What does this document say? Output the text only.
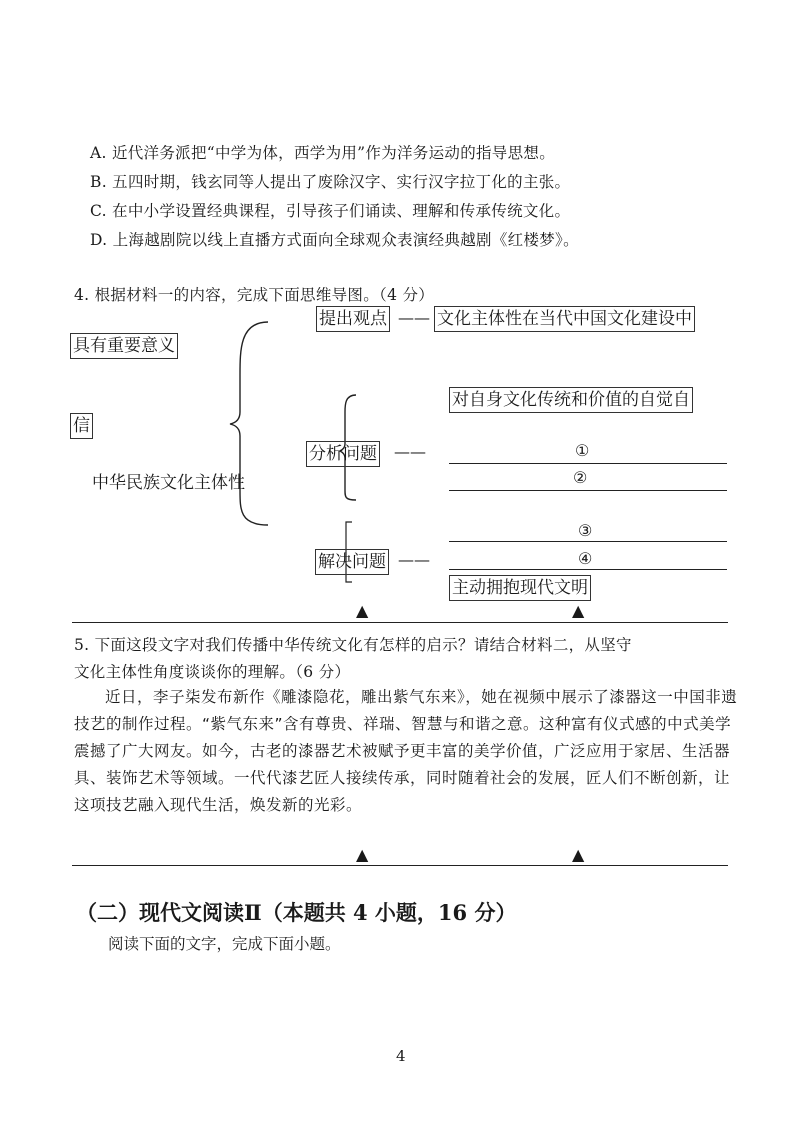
A. 近代洋务派把“中学为体，西学为用”作为洋务运动的指导思想。
B. 五四时期，钱玄同等人提出了废除汉字、实行汉字拉丁化的主张。
C. 在中小学设置经典课程，引导孩子们诵读、理解和传承传统文化。
D. 上海越剧院以线上直播方式面向全球观众表演经典越剧《红楼梦》。
4. 根据材料一的内容，完成下面思维导图。（4 分）
具有重要意义
信
中华民族文化主体性
提出观点 —— 文化主体性在当代中国文化建设中
对自身文化传统和价值的自觉自
分析问题 ——	①
②
③
解决问题 ——	④
主动拥抱现代文明
▲	▲
5. 下面这段文字对我们传播中华传统文化有怎样的启示？请结合材料二，从坚守
文化主体性角度谈谈你的理解。（6 分）
近日，李子柒发布新作《雕漆隐花，雕出紫气东来》，她在视频中展示了漆器这一中国非遗技艺的制作过程。“紫气东来”含有尊贵、祥瑞、智慧与和谐之意。这种富有仪式感的中式美学震撼了广大网友。如今，古老的漆器艺术被赋予更丰富的美学价值，广泛应用于家居、生活器具、装饰艺术等领域。一代代漆艺匠人接续传承，同时随着社会的发展，匠人们不断创新，让这项技艺融入现代生活，焕发新的光彩。
▲	▲
（二）现代文阅读Ⅱ（本题共 4 小题，16 分）
阅读下面的文字，完成下面小题。
4
